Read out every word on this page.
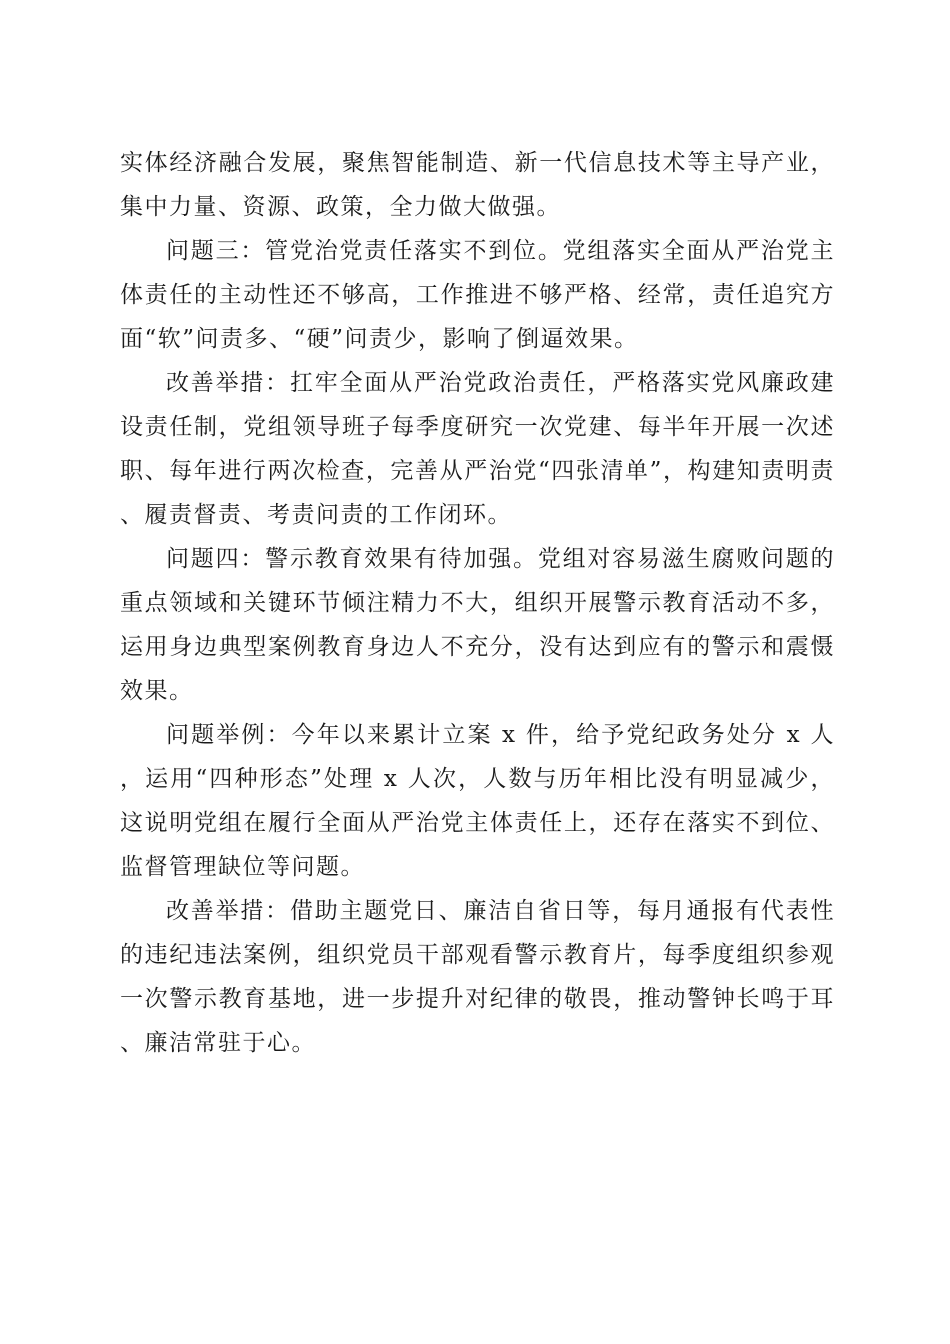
实体经济融合发展，聚焦智能制造、新一代信息技术等主导产业，集中力量、资源、政策，全力做大做强。

问题三：管党治党责任落实不到位。党组落实全面从严治党主体责任的主动性还不够高，工作推进不够严格、经常，责任追究方面“软”问责多、“硬”问责少，影响了倒逼效果。

改善举措：扛牢全面从严治党政治责任，严格落实党风廉政建设责任制，党组领导班子每季度研究一次党建、每半年开展一次述职、每年进行两次检查，完善从严治党“四张清单”，构建知责明责、履责督责、考责问责的工作闭环。

问题四：警示教育效果有待加强。党组对容易滋生腐败问题的重点领域和关键环节倾注精力不大，组织开展警示教育活动不多，运用身边典型案例教育身边人不充分，没有达到应有的警示和震慑效果。

问题举例：今年以来累计立案 x 件，给予党纪政务处分 x 人，运用“四种形态”处理 x 人次，人数与历年相比没有明显减少，这说明党组在履行全面从严治党主体责任上，还存在落实不到位、监督管理缺位等问题。

改善举措：借助主题党日、廉洁自省日等，每月通报有代表性的违纪违法案例，组织党员干部观看警示教育片，每季度组织参观一次警示教育基地，进一步提升对纪律的敬畏，推动警钟长鸣于耳、廉洁常驻于心。
